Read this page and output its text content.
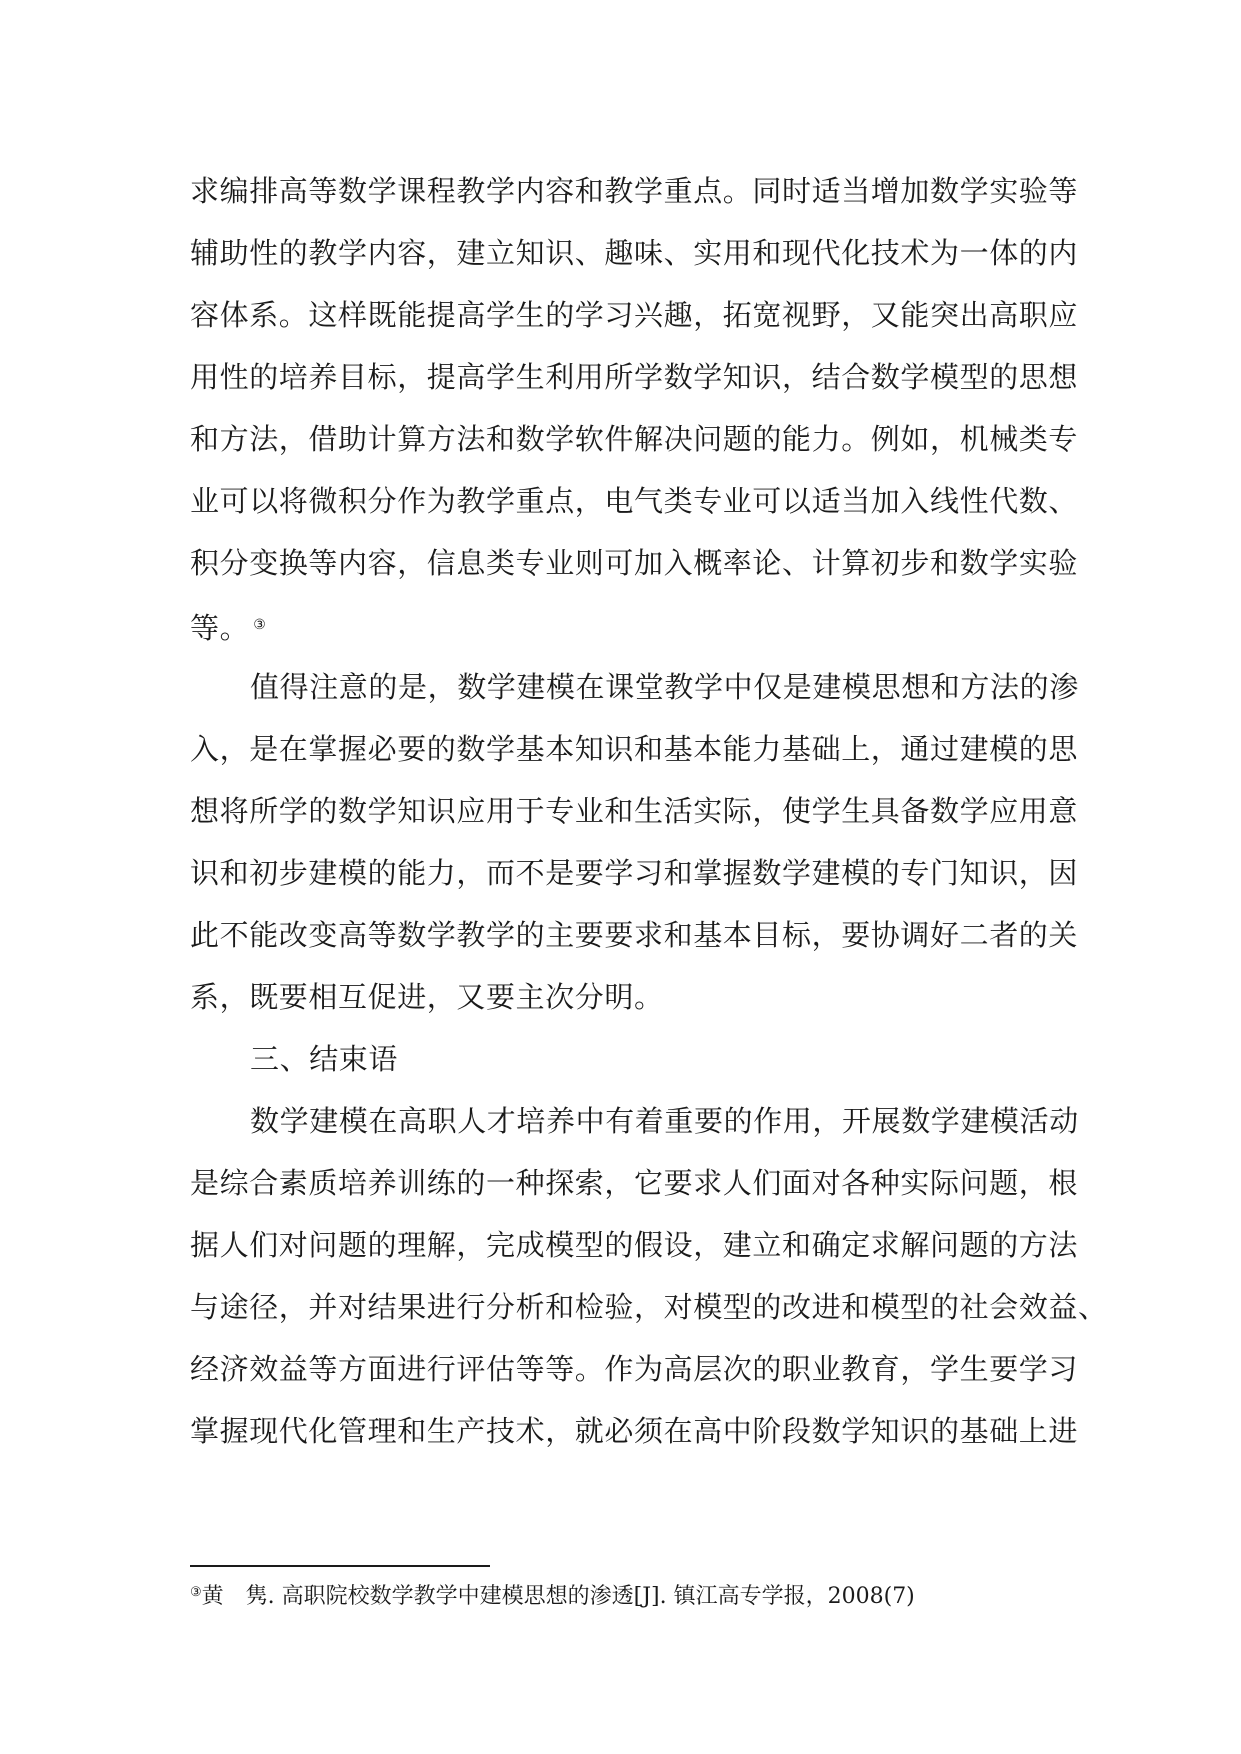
求编排高等数学课程教学内容和教学重点。同时适当增加数学实验等
辅助性的教学内容，建立知识、趣味、实用和现代化技术为一体的内
容体系。这样既能提高学生的学习兴趣，拓宽视野，又能突出高职应
用性的培养目标，提高学生利用所学数学知识，结合数学模型的思想
和方法，借助计算方法和数学软件解决问题的能力。例如，机械类专
业可以将微积分作为教学重点，电气类专业可以适当加入线性代数、
积分变换等内容，信息类专业则可加入概率论、计算初步和数学实验
等。 ③
值得注意的是，数学建模在课堂教学中仅是建模思想和方法的渗
入，是在掌握必要的数学基本知识和基本能力基础上，通过建模的思
想将所学的数学知识应用于专业和生活实际，使学生具备数学应用意
识和初步建模的能力，而不是要学习和掌握数学建模的专门知识，因
此不能改变高等数学教学的主要要求和基本目标，要协调好二者的关
系，既要相互促进，又要主次分明。
三、结束语
数学建模在高职人才培养中有着重要的作用，开展数学建模活动
是综合素质培养训练的一种探索，它要求人们面对各种实际问题，根
据人们对问题的理解，完成模型的假设，建立和确定求解问题的方法
与途径，并对结果进行分析和检验，对模型的改进和模型的社会效益、
经济效益等方面进行评估等等。作为高层次的职业教育，学生要学习
掌握现代化管理和生产技术，就必须在高中阶段数学知识的基础上进
③黄　隽. 高职院校数学教学中建模思想的渗透[J]. 镇江高专学报，2008(7)
